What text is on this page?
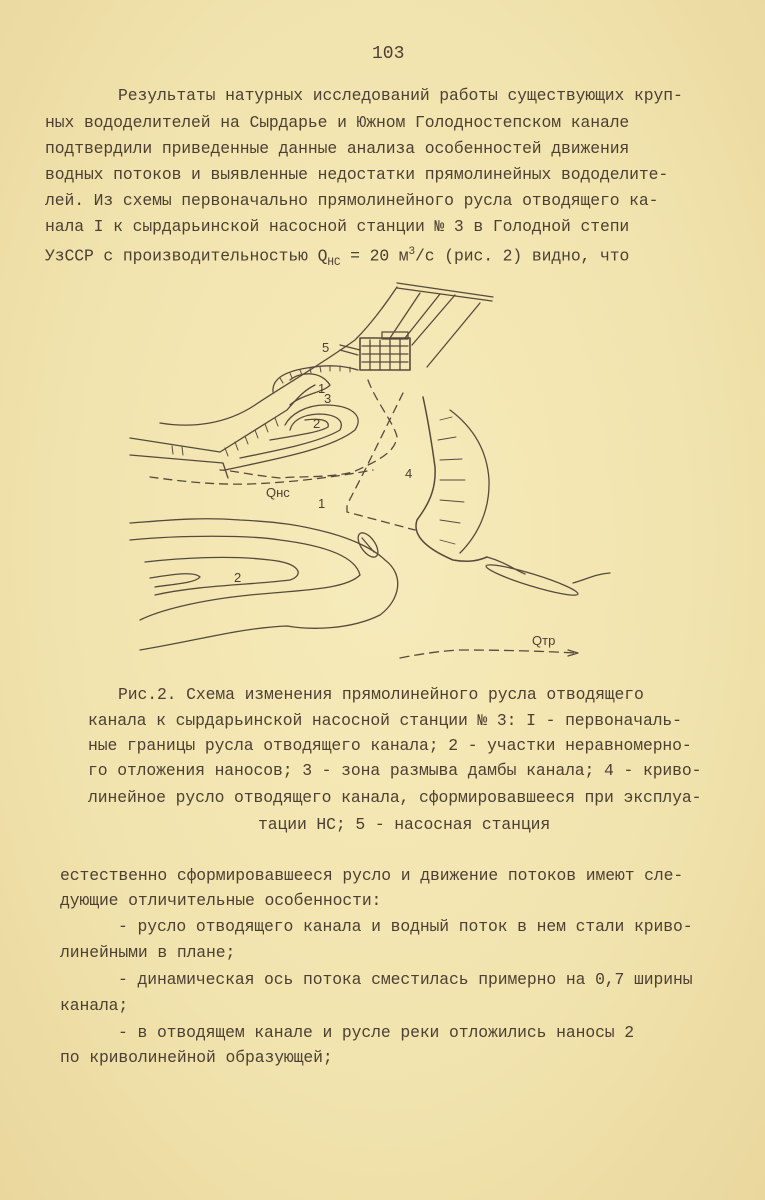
103
Результаты натурных исследований работы существующих круп-
ных вододелителей на Сырдарье и Южном Голодностепском канале
подтвердили приведенные данные анализа особенностей движения
водных потоков и выявленные недостатки прямолинейных вододелите-
лей. Из схемы первоначально прямолинейного русла отводящего ка-
нала I к сырдарьинской насосной станции № 3 в Голодной степи
УзССР с производительностью $Q_{НС} = 20$ $м^3/с$ (рис. 2) видно, что
5
1
3
2
4
Qнс
1
2
Qтр
Рис.2. Схема изменения прямолинейного русла отводящего
канала к сырдарьинской насосной станции № 3: I - первоначаль-
ные границы русла отводящего канала; 2 - участки неравномерно-
го отложения наносов; 3 - зона размыва дамбы канала; 4 - криво-
линейное русло отводящего канала, сформировавшееся при эксплуа-
тации НС; 5 - насосная станция
естественно сформировавшееся русло и движение потоков имеют сле-
дующие отличительные особенности:
- русло отводящего канала и водный поток в нем стали криво-
линейными в плане;
- динамическая ось потока сместилась примерно на 0,7 ширины
канала;
- в отводящем канале и русле реки отложились наносы 2
по криволинейной образующей;
